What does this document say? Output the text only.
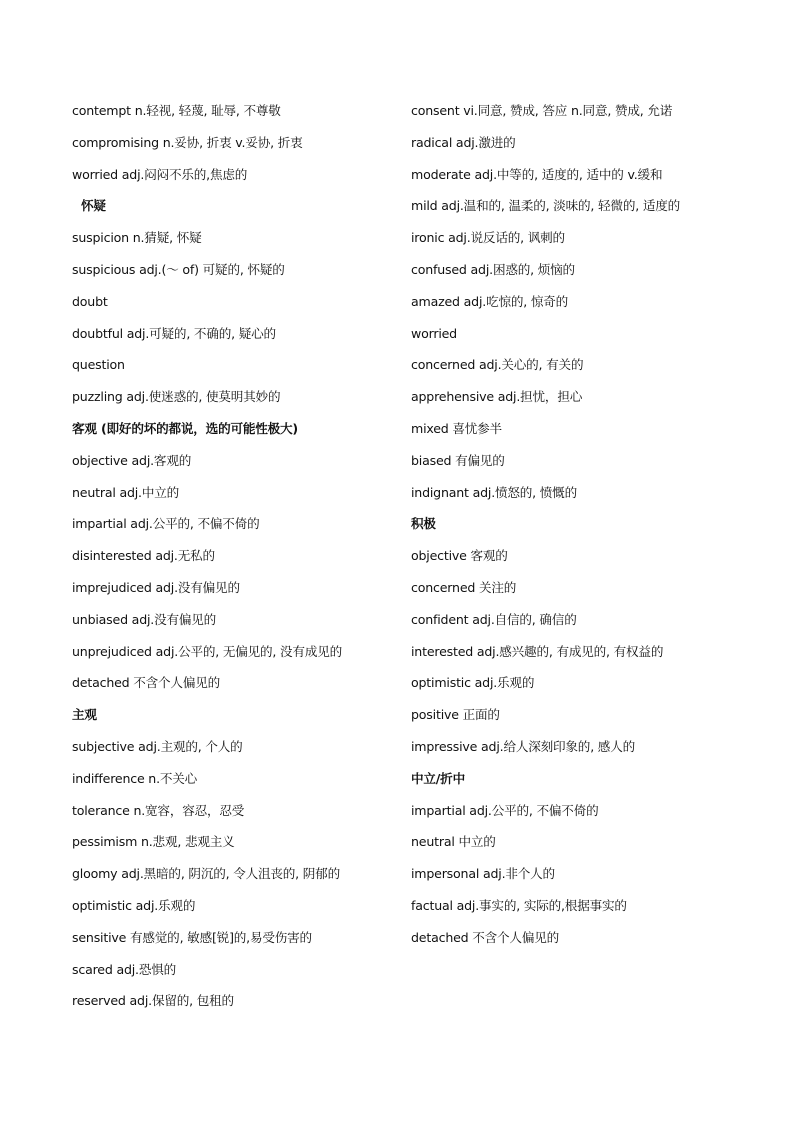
contempt n.轻视, 轻蔑, 耻辱, 不尊敬
compromising n.妥协, 折衷 v.妥协, 折衷
worried adj.闷闷不乐的,焦虑的
怀疑
suspicion n.猜疑, 怀疑
suspicious adj.(～ of) 可疑的, 怀疑的
doubt
doubtful adj.可疑的, 不确的, 疑心的
question
puzzling adj.使迷惑的, 使莫明其妙的
客观 (即好的坏的都说，选的可能性极大)
objective adj.客观的
neutral adj.中立的
impartial adj.公平的, 不偏不倚的
disinterested adj.无私的
imprejudiced adj.没有偏见的
unbiased adj.没有偏见的
unprejudiced adj.公平的, 无偏见的, 没有成见的
detached 不含个人偏见的
主观
subjective adj.主观的, 个人的
indifference n.不关心
tolerance n.宽容，容忍，忍受
pessimism n.悲观, 悲观主义
gloomy adj.黑暗的, 阴沉的, 令人沮丧的, 阴郁的
optimistic adj.乐观的
sensitive 有感觉的, 敏感[锐]的,易受伤害的
scared adj.恐惧的
reserved adj.保留的, 包租的
consent vi.同意, 赞成, 答应 n.同意, 赞成, 允诺
radical adj.激进的
moderate adj.中等的, 适度的, 适中的 v.缓和
mild adj.温和的, 温柔的, 淡味的, 轻微的, 适度的
ironic adj.说反话的, 讽刺的
confused adj.困惑的, 烦恼的
amazed adj.吃惊的, 惊奇的
worried
concerned adj.关心的, 有关的
apprehensive adj.担忧，担心
mixed 喜忧参半
biased 有偏见的
indignant adj.愤怒的, 愤慨的
积极
objective 客观的
concerned 关注的
confident adj.自信的, 确信的
interested adj.感兴趣的, 有成见的, 有权益的
optimistic adj.乐观的
positive 正面的
impressive adj.给人深刻印象的, 感人的
中立/折中
impartial adj.公平的, 不偏不倚的
neutral 中立的
impersonal adj.非个人的
factual adj.事实的, 实际的,根据事实的
detached 不含个人偏见的
